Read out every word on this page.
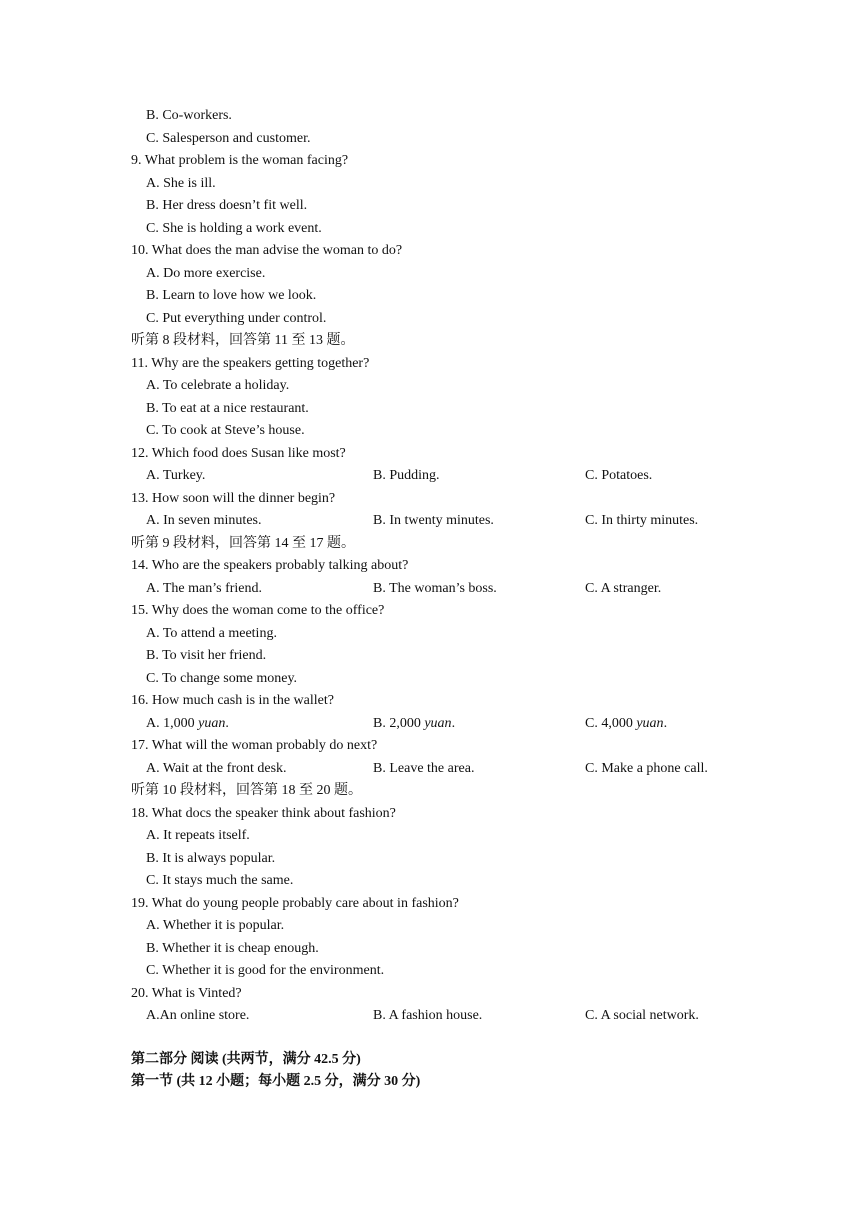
B. Co-workers.
C. Salesperson and customer.
9. What problem is the woman facing?
A. She is ill.
B. Her dress doesn’t fit well.
C. She is holding a work event.
10. What does the man advise the woman to do?
A. Do more exercise.
B. Learn to love how we look.
C. Put everything under control.
听第 8 段材料，回答第 11 至 13 题。
11. Why are the speakers getting together?
A. To celebrate a holiday.
B. To eat at a nice restaurant.
C. To cook at Steve’s house.
12. Which food does Susan like most?
A. Turkey.	B. Pudding.	C. Potatoes.
13. How soon will the dinner begin?
A. In seven minutes.	B. In twenty minutes.	C. In thirty minutes.
听第 9 段材料，回答第 14 至 17 题。
14. Who are the speakers probably talking about?
A. The man’s friend.	B. The woman’s boss.	C. A stranger.
15. Why does the woman come to the office?
A. To attend a meeting.
B. To visit her friend.
C. To change some money.
16. How much cash is in the wallet?
A. 1,000 yuan.	B. 2,000 yuan.	C. 4,000 yuan.
17. What will the woman probably do next?
A. Wait at the front desk.	B. Leave the area.	C. Make a phone call.
听第 10 段材料，回答第 18 至 20 题。
18. What docs the speaker think about fashion?
A. It repeats itself.
B. It is always popular.
C. It stays much the same.
19. What do young people probably care about in fashion?
A. Whether it is popular.
B. Whether it is cheap enough.
C. Whether it is good for the environment.
20. What is Vinted?
A.An online store.	B. A fashion house.	C. A social network.
第二部分 阅读 (共两节，满分 42.5 分)
第一节 (共 12 小题；每小题 2.5 分，满分 30 分)
